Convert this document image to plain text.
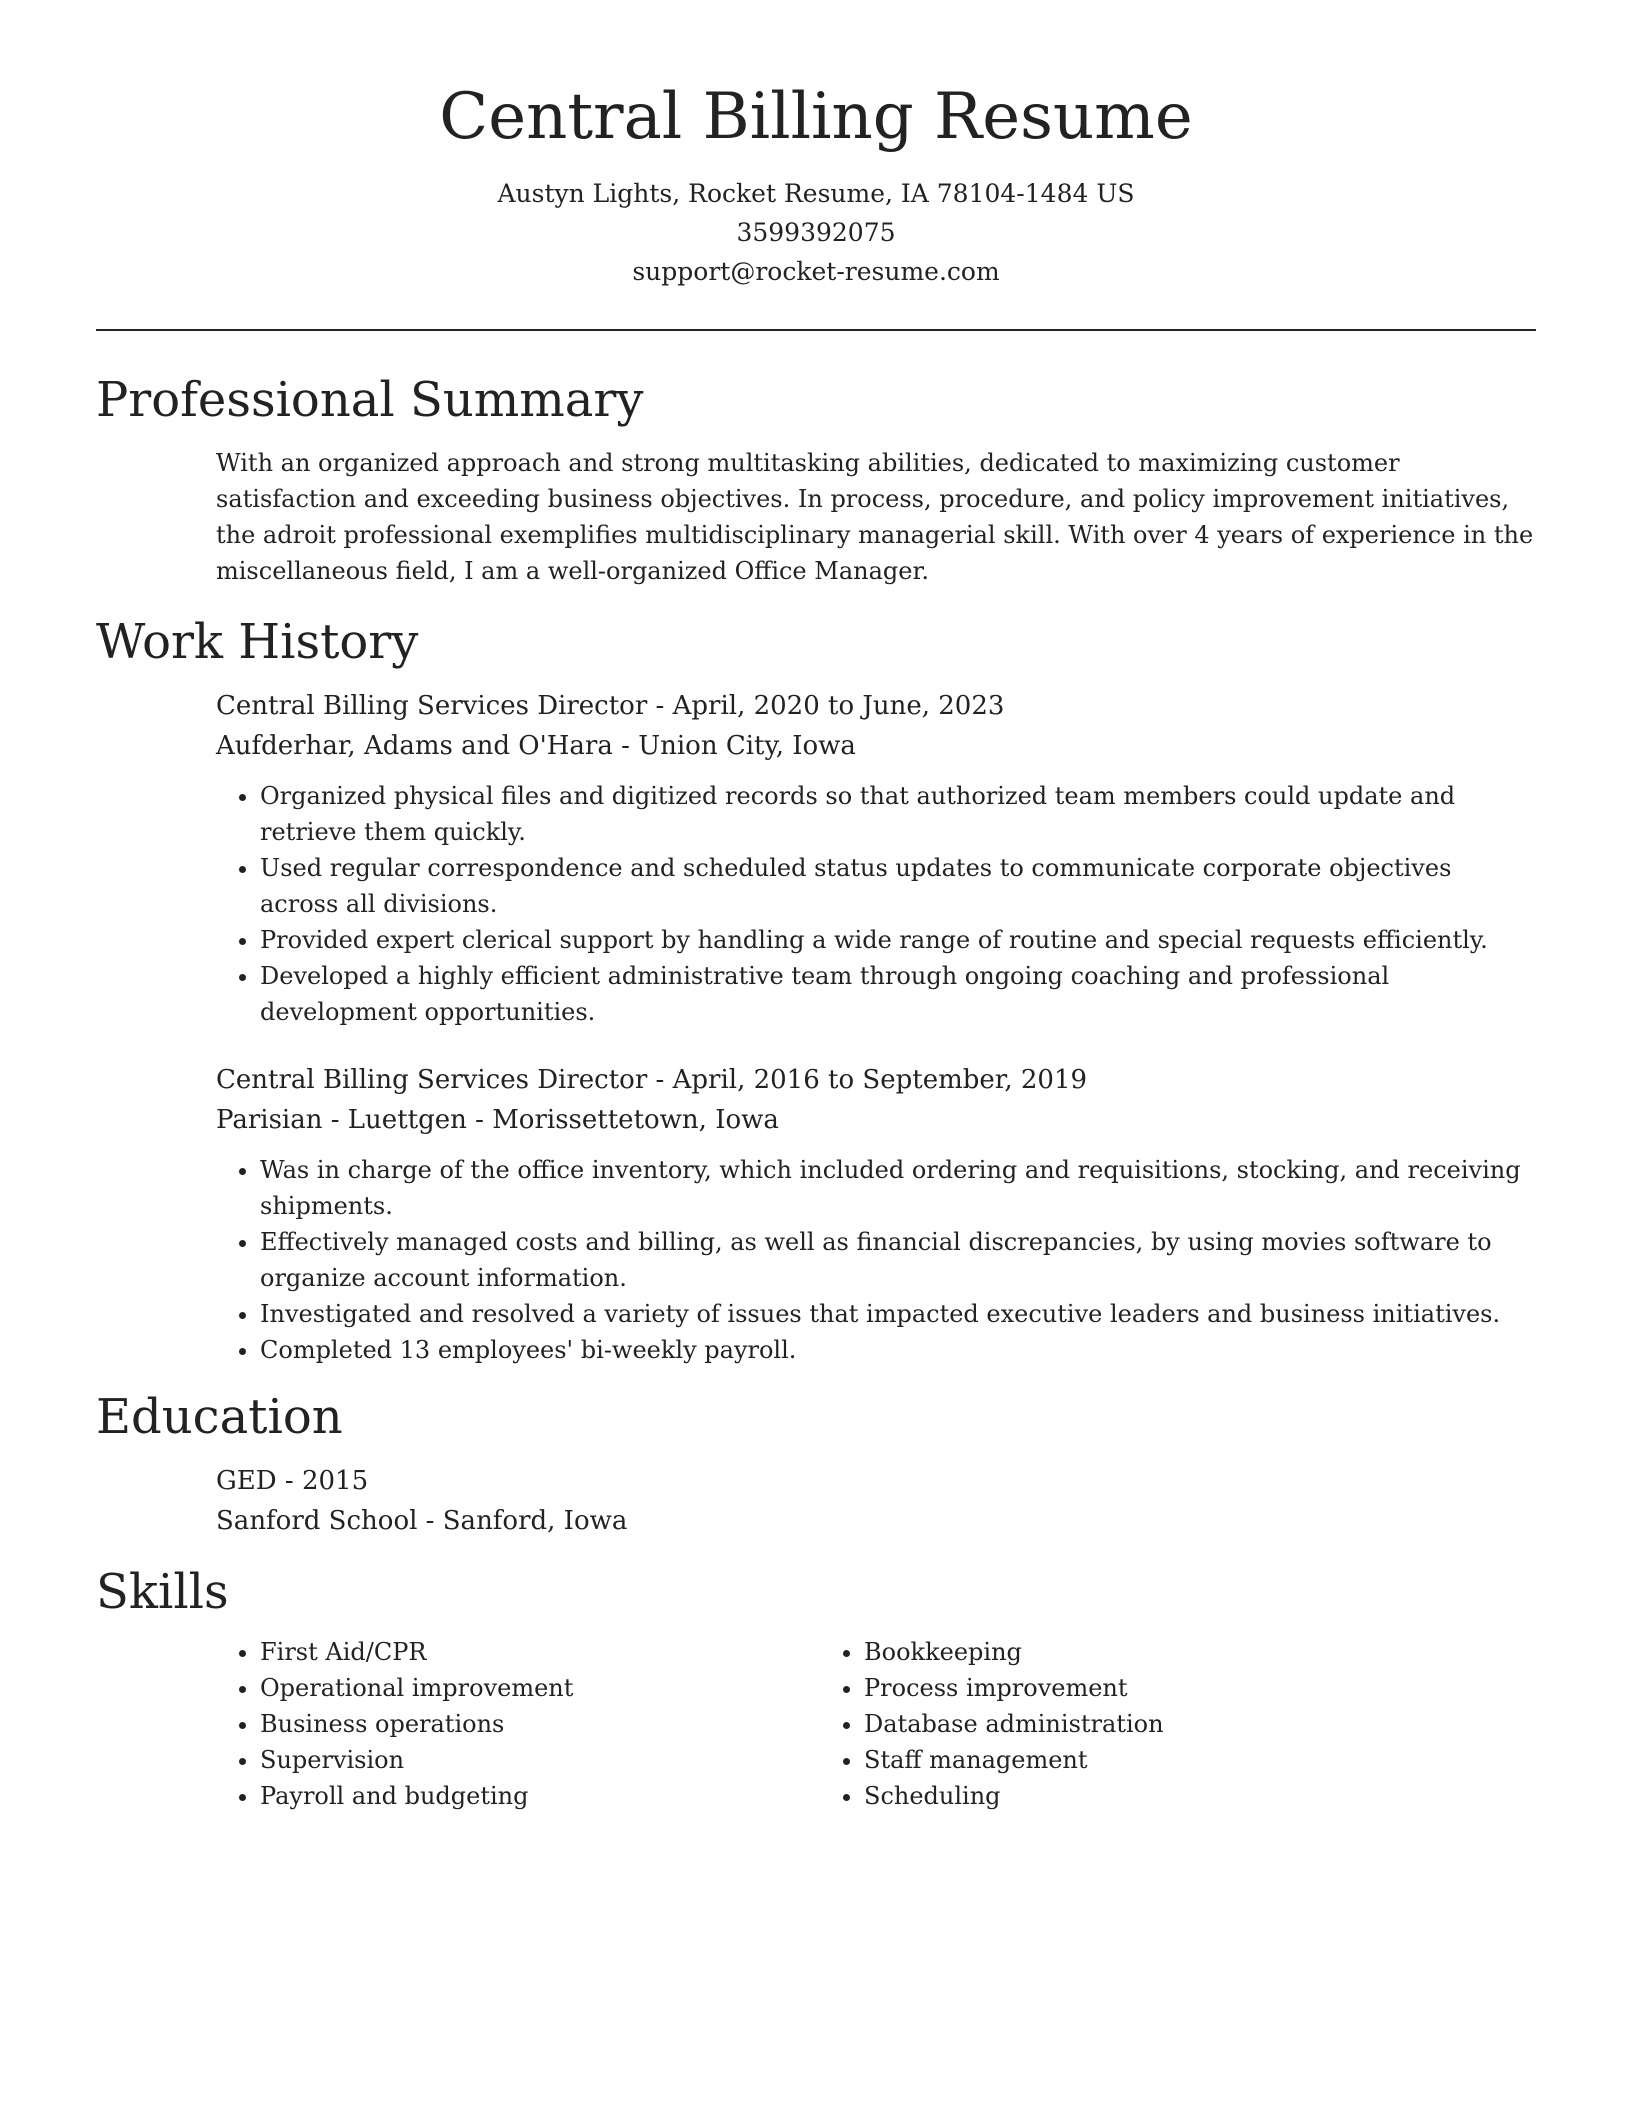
Central Billing Resume
Austyn Lights, Rocket Resume, IA 78104-1484 US
3599392075
support@rocket-resume.com
Professional Summary
With an organized approach and strong multitasking abilities, dedicated to maximizing customer satisfaction and exceeding business objectives. In process, procedure, and policy improvement initiatives, the adroit professional exemplifies multidisciplinary managerial skill. With over 4 years of experience in the miscellaneous field, I am a well-organized Office Manager.
Work History
Central Billing Services Director - April, 2020 to June, 2023
Aufderhar, Adams and O'Hara - Union City, Iowa
• Organized physical files and digitized records so that authorized team members could update and retrieve them quickly.
• Used regular correspondence and scheduled status updates to communicate corporate objectives across all divisions.
• Provided expert clerical support by handling a wide range of routine and special requests efficiently.
• Developed a highly efficient administrative team through ongoing coaching and professional development opportunities.
Central Billing Services Director - April, 2016 to September, 2019
Parisian - Luettgen - Morissettetown, Iowa
• Was in charge of the office inventory, which included ordering and requisitions, stocking, and receiving shipments.
• Effectively managed costs and billing, as well as financial discrepancies, by using movies software to organize account information.
• Investigated and resolved a variety of issues that impacted executive leaders and business initiatives.
• Completed 13 employees' bi-weekly payroll.
Education
GED - 2015
Sanford School - Sanford, Iowa
Skills
• First Aid/CPR
• Operational improvement
• Business operations
• Supervision
• Payroll and budgeting
• Bookkeeping
• Process improvement
• Database administration
• Staff management
• Scheduling
